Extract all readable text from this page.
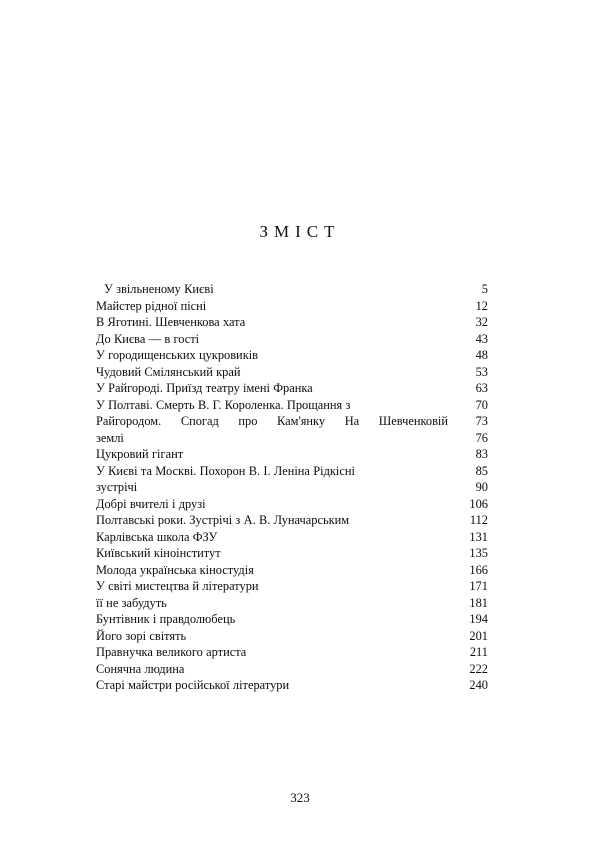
ЗМІСТ
У звільненому Києві	5
Майстер рідної пісні	12
В Яготині. Шевченкова хата	32
До Києва — в гості	43
У городищенських цукровиків	48
Чудовий Смілянський край	53
У Райгороді. Приїзд театру імені Франка	63
У Полтаві. Смерть В. Г. Короленка. Прощання з	70
Райгородом. Спогад про Кам'янку На Шевченковій	73
землі	76
Цукровий гігант	83
У Києві та Москві. Похорон В. І. Леніна Рідкісні	85
зустрічі	90
Добрі вчителі і друзі	106
Полтавські роки. Зустрічі з А. В. Луначарським	112
Карлівська школа ФЗУ	131
Київський кіноінститут	135
Молода українська кіностудія	166
У світі мистецтва й літератури	171
її не забудуть	181
Бунтівник і правдолюбець	194
Його зорі світять	201
Правнучка великого артиста	211
Сонячна людина	222
Старі майстри російської літератури	240
323
